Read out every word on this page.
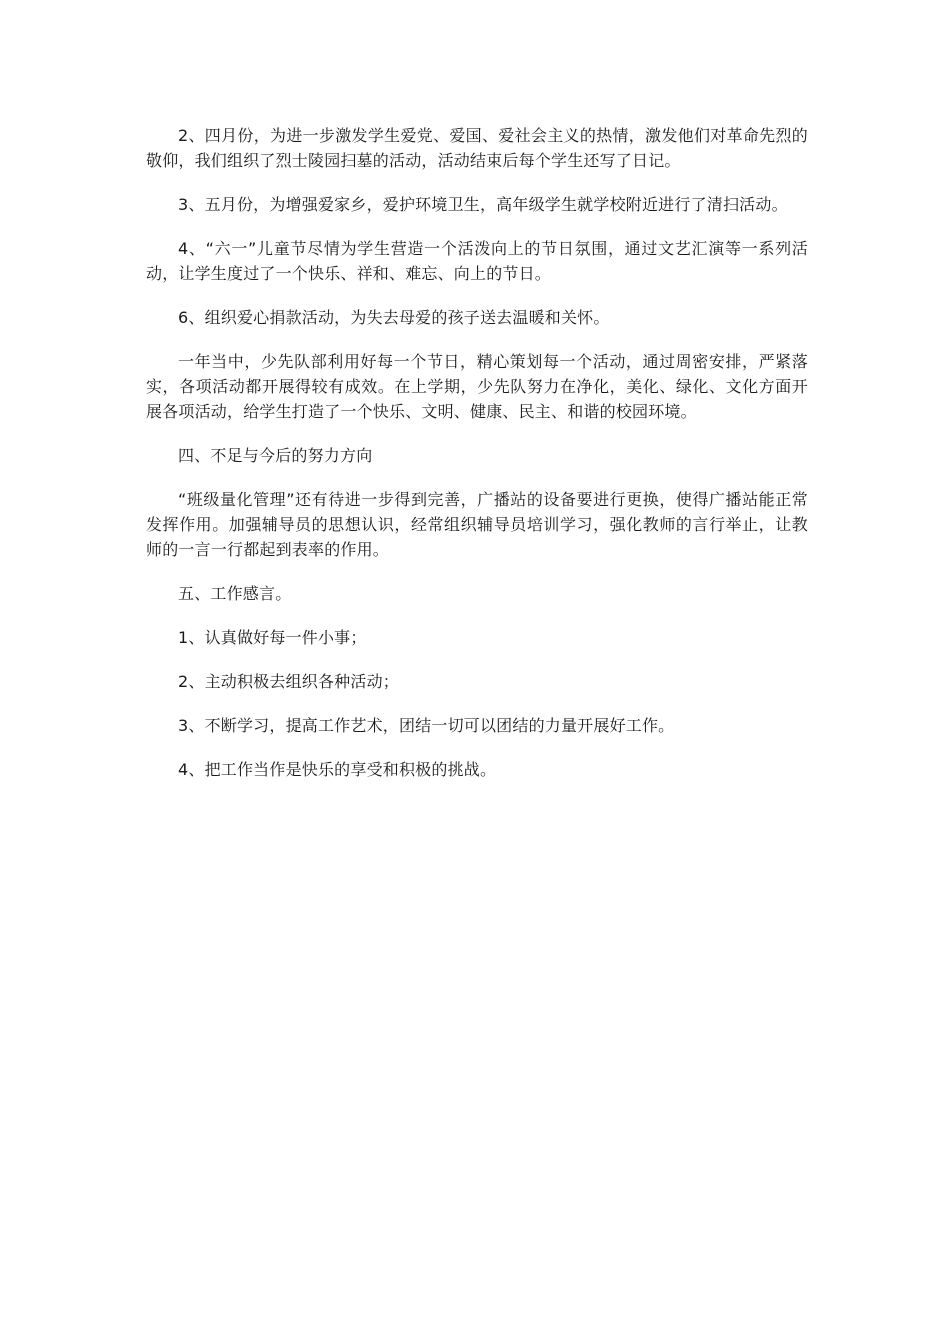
2、四月份，为进一步激发学生爱党、爱国、爱社会主义的热情，激发他们对革命先烈的敬仰，我们组织了烈士陵园扫墓的活动，活动结束后每个学生还写了日记。

3、五月份，为增强爱家乡，爱护环境卫生，高年级学生就学校附近进行了清扫活动。

4、“六一”儿童节尽情为学生营造一个活泼向上的节日氛围，通过文艺汇演等一系列活动，让学生度过了一个快乐、祥和、难忘、向上的节日。

6、组织爱心捐款活动，为失去母爱的孩子送去温暖和关怀。

一年当中，少先队部利用好每一个节日，精心策划每一个活动，通过周密安排，严紧落实，各项活动都开展得较有成效。在上学期，少先队努力在净化，美化、绿化、文化方面开展各项活动，给学生打造了一个快乐、文明、健康、民主、和谐的校园环境。

四、不足与今后的努力方向

“班级量化管理”还有待进一步得到完善，广播站的设备要进行更换，使得广播站能正常发挥作用。加强辅导员的思想认识，经常组织辅导员培训学习，强化教师的言行举止，让教师的一言一行都起到表率的作用。

五、工作感言。

1、认真做好每一件小事；

2、主动积极去组织各种活动；

3、不断学习，提高工作艺术，团结一切可以团结的力量开展好工作。

4、把工作当作是快乐的享受和积极的挑战。
